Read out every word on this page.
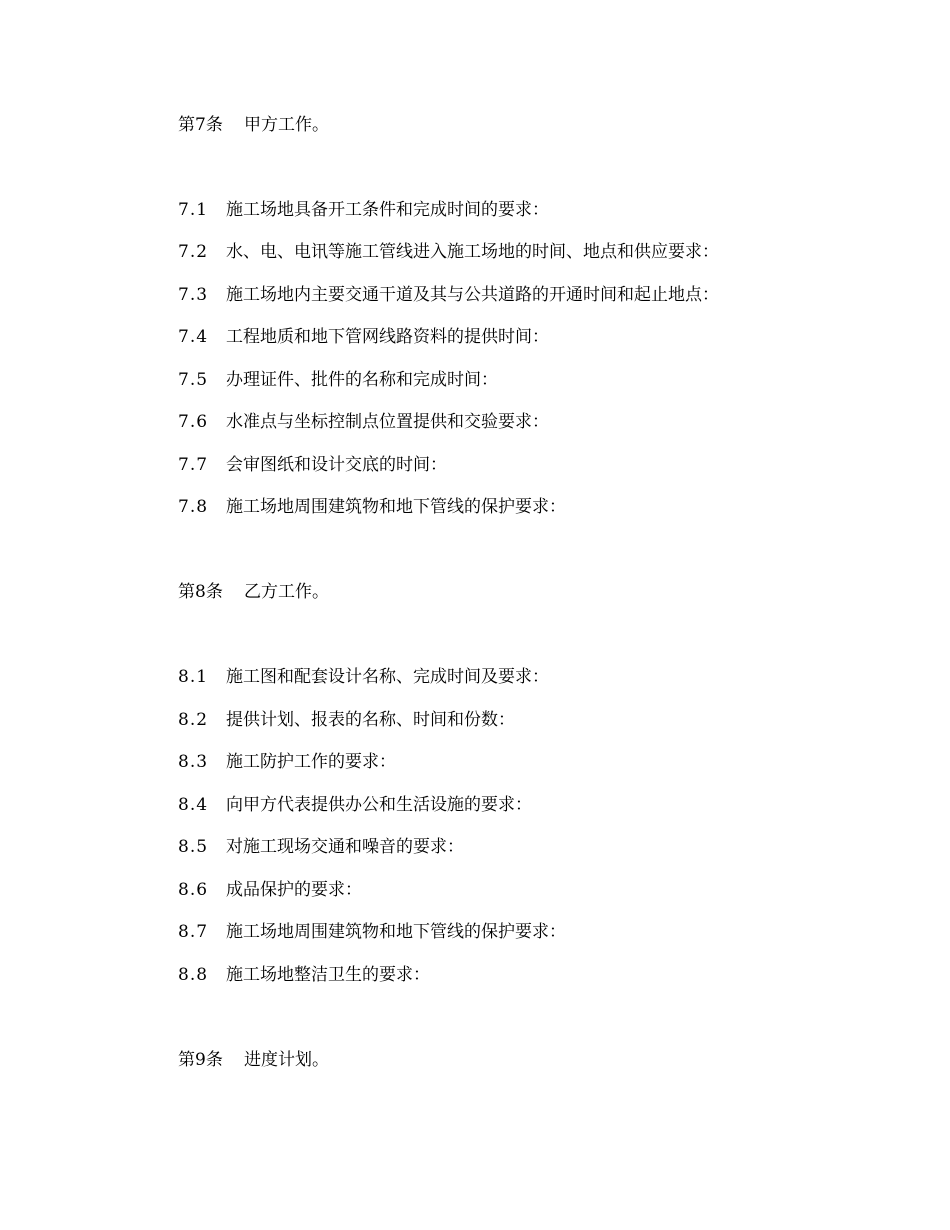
第7条 甲方工作。
7.1 施工场地具备开工条件和完成时间的要求：
7.2 水、电、电讯等施工管线进入施工场地的时间、地点和供应要求：
7.3 施工场地内主要交通干道及其与公共道路的开通时间和起止地点：
7.4 工程地质和地下管网线路资料的提供时间：
7.5 办理证件、批件的名称和完成时间：
7.6 水准点与坐标控制点位置提供和交验要求：
7.7 会审图纸和设计交底的时间：
7.8 施工场地周围建筑物和地下管线的保护要求：
第8条 乙方工作。
8.1 施工图和配套设计名称、完成时间及要求：
8.2 提供计划、报表的名称、时间和份数：
8.3 施工防护工作的要求：
8.4 向甲方代表提供办公和生活设施的要求：
8.5 对施工现场交通和噪音的要求：
8.6 成品保护的要求：
8.7 施工场地周围建筑物和地下管线的保护要求：
8.8 施工场地整洁卫生的要求：
第9条 进度计划。
